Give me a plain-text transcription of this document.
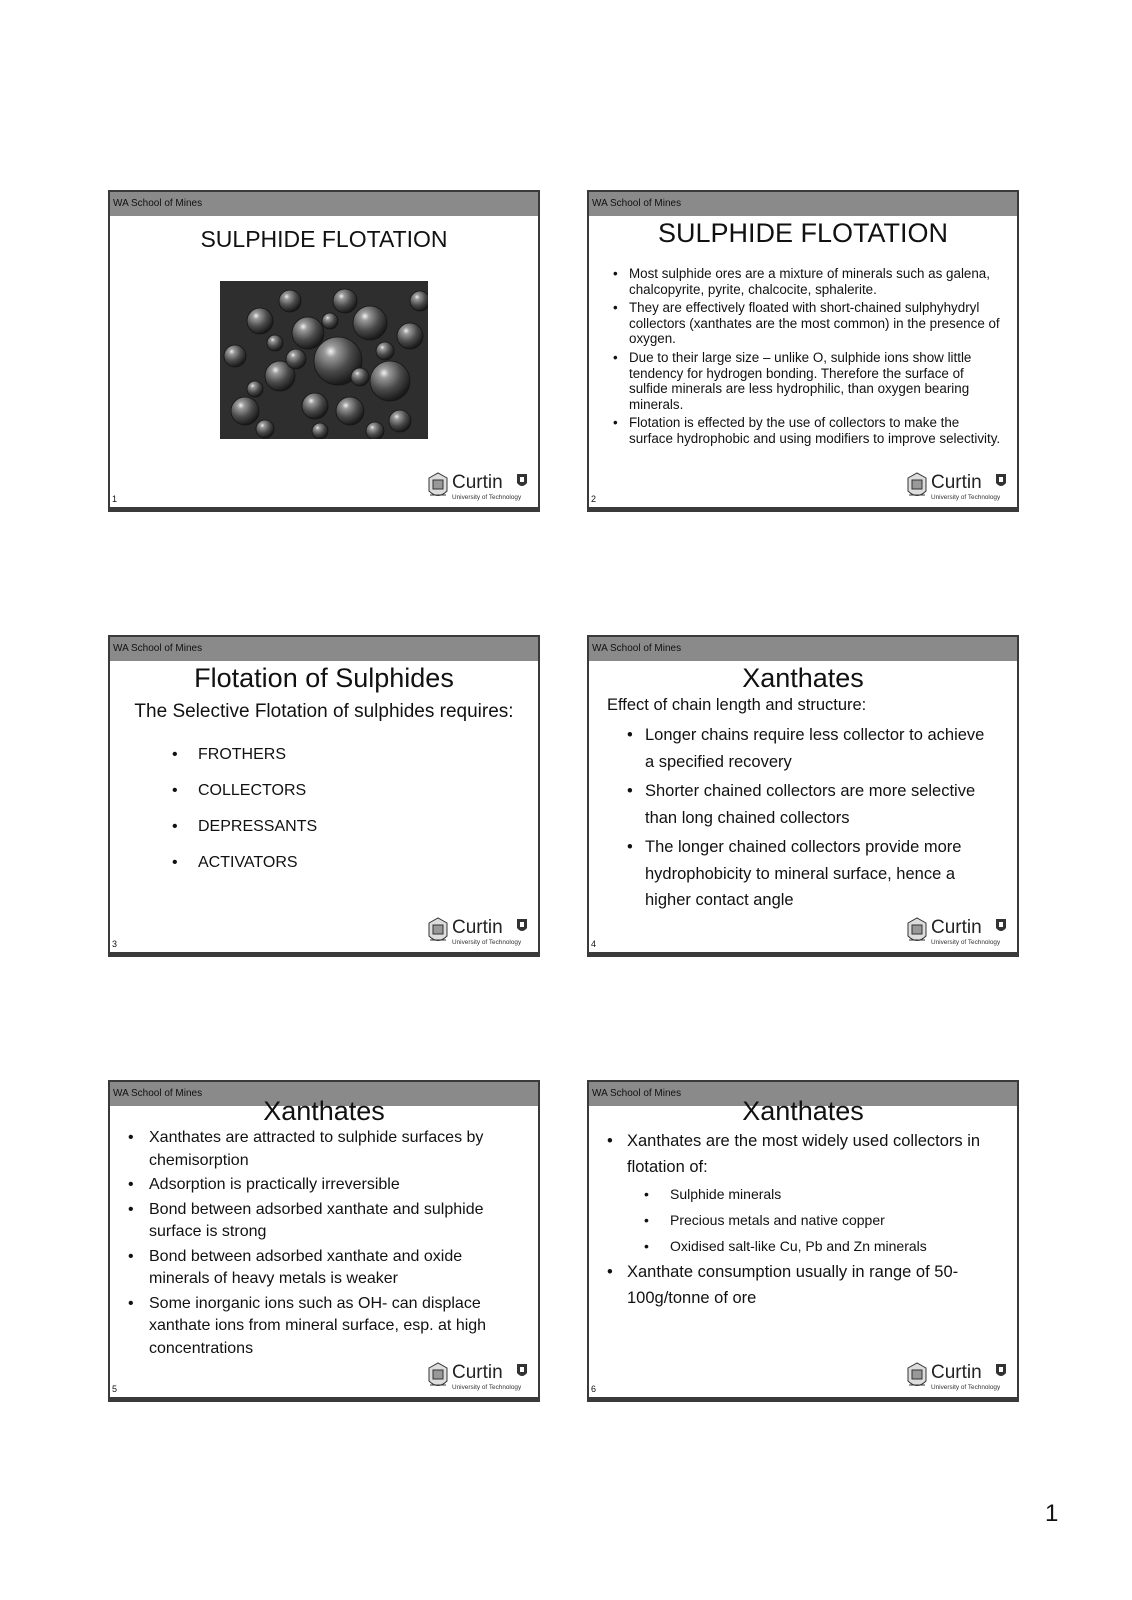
WA School of Mines
SULPHIDE FLOTATION
Curtin
University of Technology
1
WA School of Mines
SULPHIDE FLOTATION
• Most sulphide ores are a mixture of minerals such as galena, chalcopyrite, pyrite, chalcocite, sphalerite.
• They are effectively floated with short-chained sulphyhydryl collectors (xanthates are the most common) in the presence of oxygen.
• Due to their large size – unlike O, sulphide ions show little tendency for hydrogen bonding. Therefore the surface of sulfide minerals are less hydrophilic, than oxygen bearing minerals.
• Flotation is effected by the use of collectors to make the surface hydrophobic and using modifiers to improve selectivity.
Curtin
University of Technology
2
WA School of Mines
Flotation of Sulphides
The Selective Flotation of sulphides requires:
• FROTHERS
• COLLECTORS
• DEPRESSANTS
• ACTIVATORS
Curtin
University of Technology
3
WA School of Mines
Xanthates
Effect of chain length and structure:
• Longer chains require less collector to achieve a specified recovery
• Shorter chained collectors are more selective than long chained collectors
• The longer chained collectors provide more hydrophobicity to mineral surface, hence a higher contact angle
Curtin
University of Technology
4
WA School of Mines
Xanthates
• Xanthates are attracted to sulphide surfaces by chemisorption
• Adsorption is practically irreversible
• Bond between adsorbed xanthate and sulphide surface is strong
• Bond between adsorbed xanthate and oxide minerals of heavy metals is weaker
• Some inorganic ions such as OH- can displace xanthate ions from mineral surface, esp. at high concentrations
Curtin
University of Technology
5
WA School of Mines
Xanthates
• Xanthates are the most widely used collectors in flotation of:
• Sulphide minerals
• Precious metals and native copper
• Oxidised salt-like Cu, Pb and Zn minerals
• Xanthate consumption usually in range of 50-100g/tonne of ore
Curtin
University of Technology
6
1
